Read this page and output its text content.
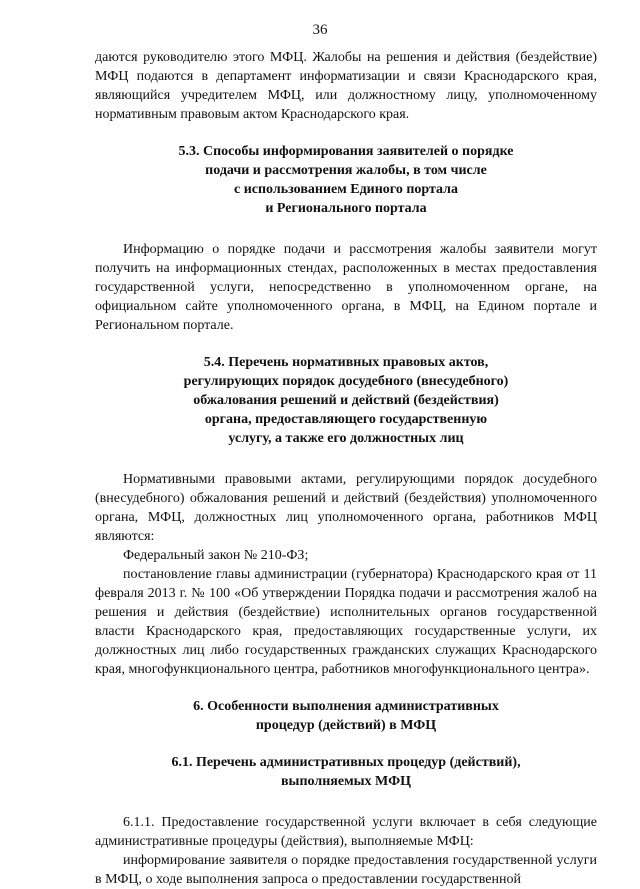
36

даются руководителю этого МФЦ. Жалобы на решения и действия (бездействие) МФЦ подаются в департамент информатизации и связи Краснодарского края, являющийся учредителем МФЦ, или должностному лицу, уполномоченному нормативным правовым актом Краснодарского края.

5.3. Способы информирования заявителей о порядке
подачи и рассмотрения жалобы, в том числе
с использованием Единого портала
и Регионального портала

Информацию о порядке подачи и рассмотрения жалобы заявители могут получить на информационных стендах, расположенных в местах предоставления государственной услуги, непосредственно в уполномоченном органе, на официальном сайте уполномоченного органа, в МФЦ, на Едином портале и Региональном портале.

5.4. Перечень нормативных правовых актов,
регулирующих порядок досудебного (внесудебного)
обжалования решений и действий (бездействия)
органа, предоставляющего государственную
услугу, а также его должностных лиц

Нормативными правовыми актами, регулирующими порядок досудебного (внесудебного) обжалования решений и действий (бездействия) уполномоченного органа, МФЦ, должностных лиц уполномоченного органа, работников МФЦ являются:

Федеральный закон № 210-ФЗ;

постановление главы администрации (губернатора) Краснодарского края от 11 февраля 2013 г. № 100 «Об утверждении Порядка подачи и рассмотрения жалоб на решения и действия (бездействие) исполнительных органов государственной власти Краснодарского края, предоставляющих государственные услуги, их должностных лиц либо государственных гражданских служащих Краснодарского края, многофункционального центра, работников многофункционального центра».

6. Особенности выполнения административных
процедур (действий) в МФЦ
6.1. Перечень административных процедур (действий),
выполняемых МФЦ

6.1.1. Предоставление государственной услуги включает в себя следующие административные процедуры (действия), выполняемые МФЦ:

информирование заявителя о порядке предоставления государственной услуги в МФЦ, о ходе выполнения запроса о предоставлении государственной
